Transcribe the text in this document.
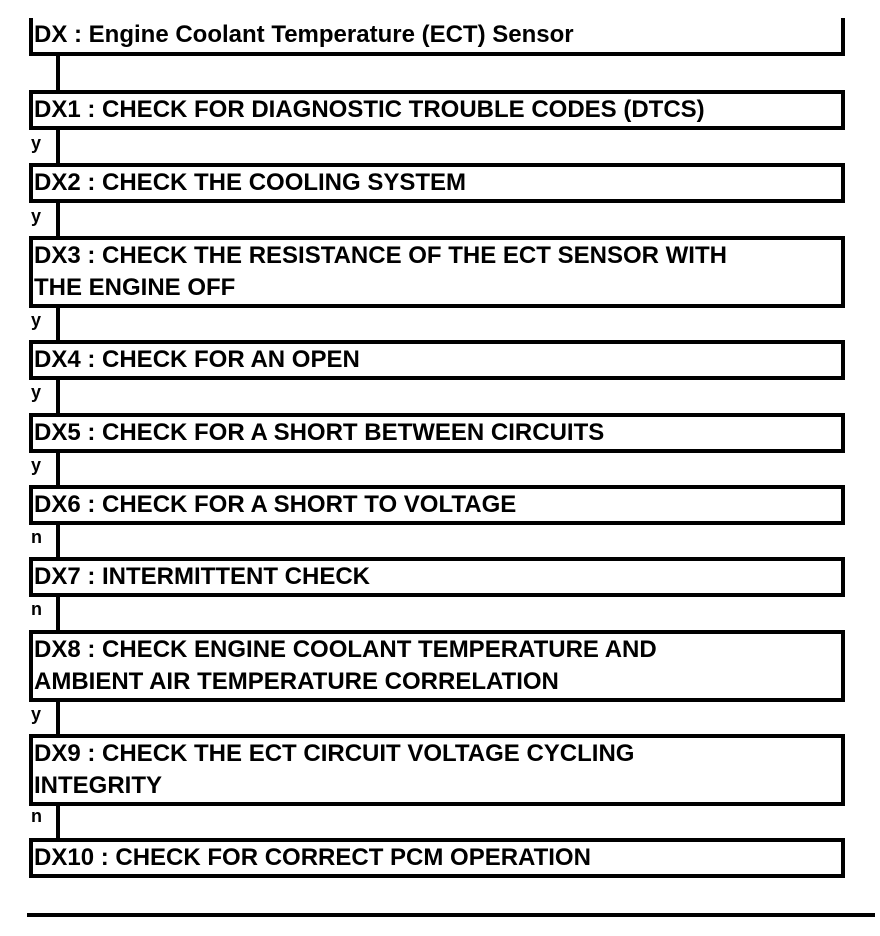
DX : Engine Coolant Temperature (ECT) Sensor
DX1 : CHECK FOR DIAGNOSTIC TROUBLE CODES (DTCS)
y
DX2 : CHECK THE COOLING SYSTEM
y
DX3 : CHECK THE RESISTANCE OF THE ECT SENSOR WITH
THE ENGINE OFF
y
DX4 : CHECK FOR AN OPEN
y
DX5 : CHECK FOR A SHORT BETWEEN CIRCUITS
y
DX6 : CHECK FOR A SHORT TO VOLTAGE
n
DX7 : INTERMITTENT CHECK
n
DX8 : CHECK ENGINE COOLANT TEMPERATURE AND
AMBIENT AIR TEMPERATURE CORRELATION
y
DX9 : CHECK THE ECT CIRCUIT VOLTAGE CYCLING
INTEGRITY
n
DX10 : CHECK FOR CORRECT PCM OPERATION
